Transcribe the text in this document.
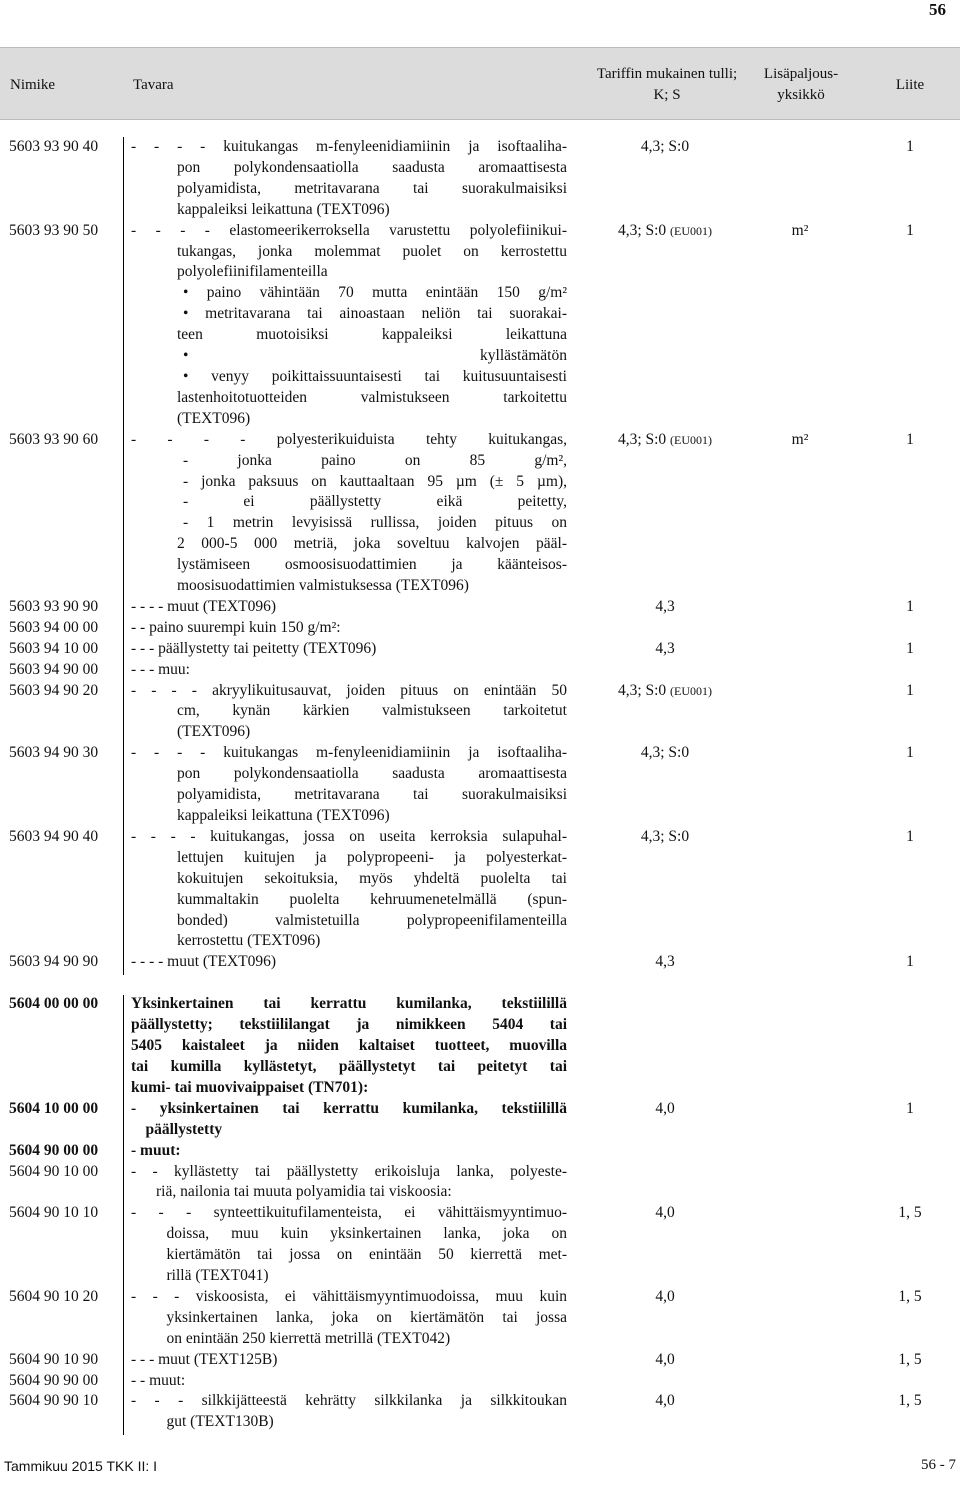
56
Nimike	Tavara
Tariffin mukainen tulli;
K; S
Lisäpaljous-
yksikkö
Liite
5603 93 90 40 - - - - kuitukangas m-fenyleenidiamiinin ja isoftaaliha-
pon polykondensaatiolla saadusta aromaattisesta
polyamidista, metritavarana tai suorakulmaisiksi
kappaleiksi leikattuna (TEXT096)
4,3; S:0	1
5603 93 90 50 - - - - elastomeerikerroksella varustettu polyolefiinikui-
tukangas, jonka molemmat puolet on kerrostettu
polyolefiinifilamenteilla
• paino vähintään 70 mutta enintään 150 g/m²
• metritavarana tai ainoastaan neliön tai suorakai-
teen muotoisiksi kappaleiksi leikattuna
• kyllästämätön
• venyy poikittaissuuntaisesti tai kuitusuuntaisesti
lastenhoitotuotteiden valmistukseen tarkoitettu
(TEXT096)
4,3; S:0 (EU001)	m²	1
5603 93 90 60 - - - - polyesterikuiduista tehty kuitukangas,
- jonka paino on 85 g/m²,
- jonka paksuus on kauttaaltaan 95 µm (± 5 µm),
- ei päällystetty eikä peitetty,
- 1 metrin levyisissä rullissa, joiden pituus on
2 000-5 000 metriä, joka soveltuu kalvojen pääl-
lystämiseen osmoosisuodattimien ja käänteisos-
moosisuodattimien valmistuksessa (TEXT096)
4,3; S:0 (EU001)	m²	1
5603 93 90 90 - - - - muut (TEXT096)	4,3	1
5603 94 00 00 - - paino suurempi kuin 150 g/m²:
5603 94 10 00 - - - päällystetty tai peitetty (TEXT096)	4,3	1
5603 94 90 00 - - - muu:
5603 94 90 20 - - - - akryylikuitusauvat, joiden pituus on enintään 50
cm, kynän kärkien valmistukseen tarkoitetut
(TEXT096)
4,3; S:0 (EU001)	1
5603 94 90 30 - - - - kuitukangas m-fenyleenidiamiinin ja isoftaaliha-
pon polykondensaatiolla saadusta aromaattisesta
polyamidista, metritavarana tai suorakulmaisiksi
kappaleiksi leikattuna (TEXT096)
4,3; S:0	1
5603 94 90 40 - - - - kuitukangas, jossa on useita kerroksia sulapuhal-
lettujen kuitujen ja polypropeeni- ja polyesterkat-
kokuitujen sekoituksia, myös yhdeltä puolelta tai
kummaltakin puolelta kehruumenetelmällä (spun-
bonded) valmistetuilla polypropeenifilamenteilla
kerrostettu (TEXT096)
4,3; S:0	1
5603 94 90 90 - - - - muut (TEXT096)	4,3	1
5604 00 00 00 Yksinkertainen tai kerrattu kumilanka, tekstiilillä
päällystetty; tekstiililangat ja nimikkeen 5404 tai
5405 kaistaleet ja niiden kaltaiset tuotteet, muovilla
tai kumilla kyllästetyt, päällystetyt tai peitetyt tai
kumi- tai muovivaippaiset (TN701):
5604 10 00 00 - yksinkertainen tai kerrattu kumilanka, tekstiilillä
päällystetty
4,0	1
5604 90 00 00 - muut:
5604 90 10 00 - - kyllästetty tai päällystetty erikoisluja lanka, polyeste-
riä, nailonia tai muuta polyamidia tai viskoosia:
5604 90 10 10 - - - synteettikuitufilamenteista, ei vähittäismyyntimuo-
doissa, muu kuin yksinkertainen lanka, joka on
kiertämätön tai jossa on enintään 50 kierrettä met-
rillä (TEXT041)
4,0	1, 5
5604 90 10 20 - - - viskoosista, ei vähittäismyyntimuodoissa, muu kuin
yksinkertainen lanka, joka on kiertämätön tai jossa
on enintään 250 kierrettä metrillä (TEXT042)
4,0	1, 5
5604 90 10 90 - - - muut (TEXT125B)	4,0	1, 5
5604 90 90 00 - - muut:
5604 90 90 10 - - - silkkijätteestä kehrätty silkkilanka ja silkkitoukan
gut (TEXT130B)
4,0	1, 5
Tammikuu 2015 TKK II: I	56 - 7
